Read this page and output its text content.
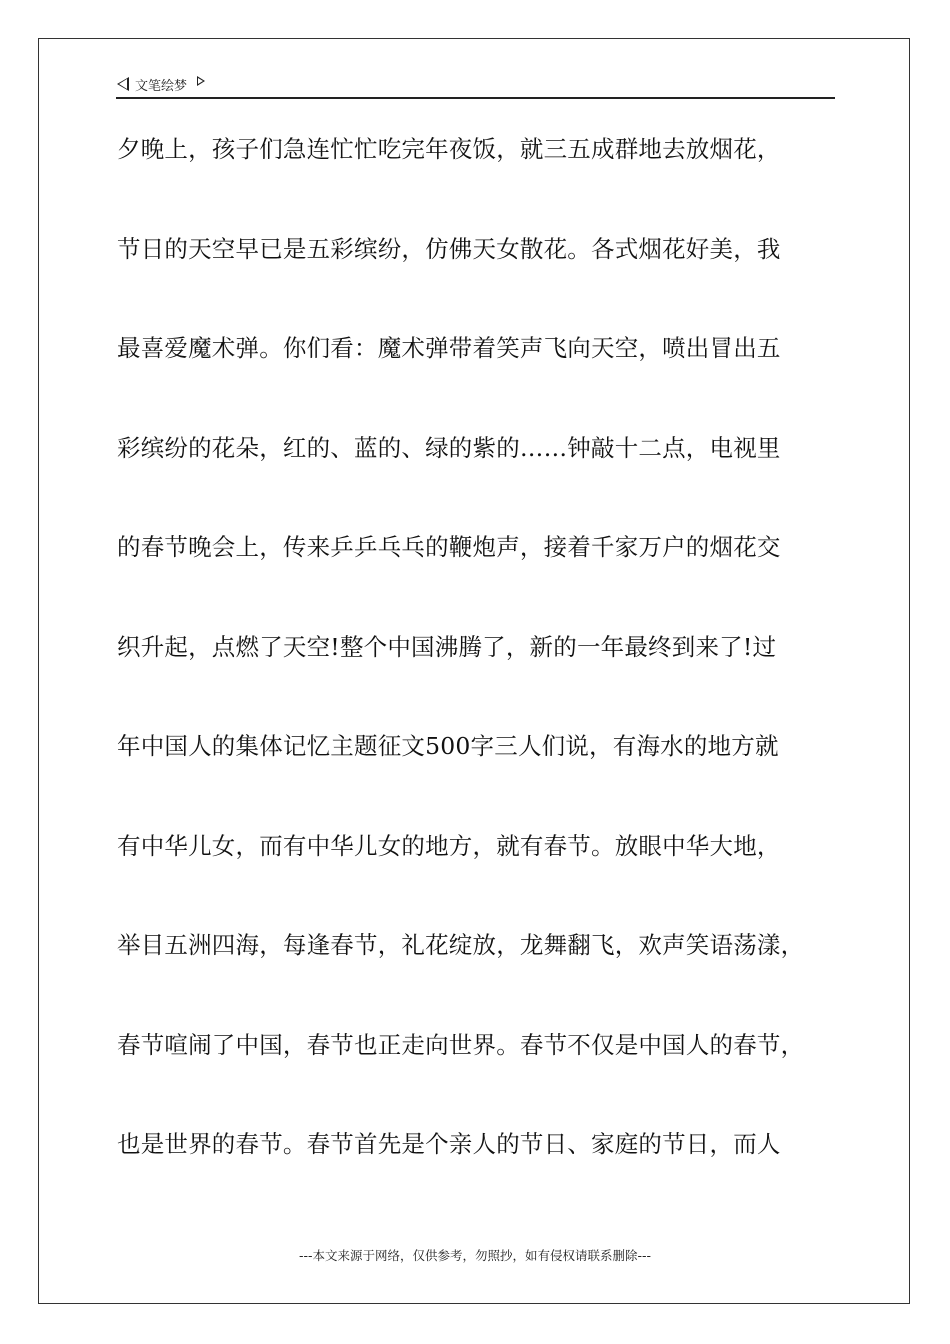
文笔绘梦
夕晚上，孩子们急连忙忙吃完年夜饭，就三五成群地去放烟花，
节日的天空早已是五彩缤纷，仿佛天女散花。各式烟花好美，我
最喜爱魔术弹。你们看：魔术弹带着笑声飞向天空，喷出冒出五
彩缤纷的花朵，红的、蓝的、绿的紫的……钟敲十二点，电视里
的春节晚会上，传来乒乒乓乓的鞭炮声，接着千家万户的烟花交
织升起，点燃了天空!整个中国沸腾了，新的一年最终到来了!过
年中国人的集体记忆主题征文500字三人们说，有海水的地方就
有中华儿女，而有中华儿女的地方，就有春节。放眼中华大地，
举目五洲四海，每逢春节，礼花绽放，龙舞翻飞，欢声笑语荡漾，
春节喧闹了中国，春节也正走向世界。春节不仅是中国人的春节，
也是世界的春节。春节首先是个亲人的节日、家庭的节日，而人
---本文来源于网络，仅供参考，勿照抄，如有侵权请联系删除---
